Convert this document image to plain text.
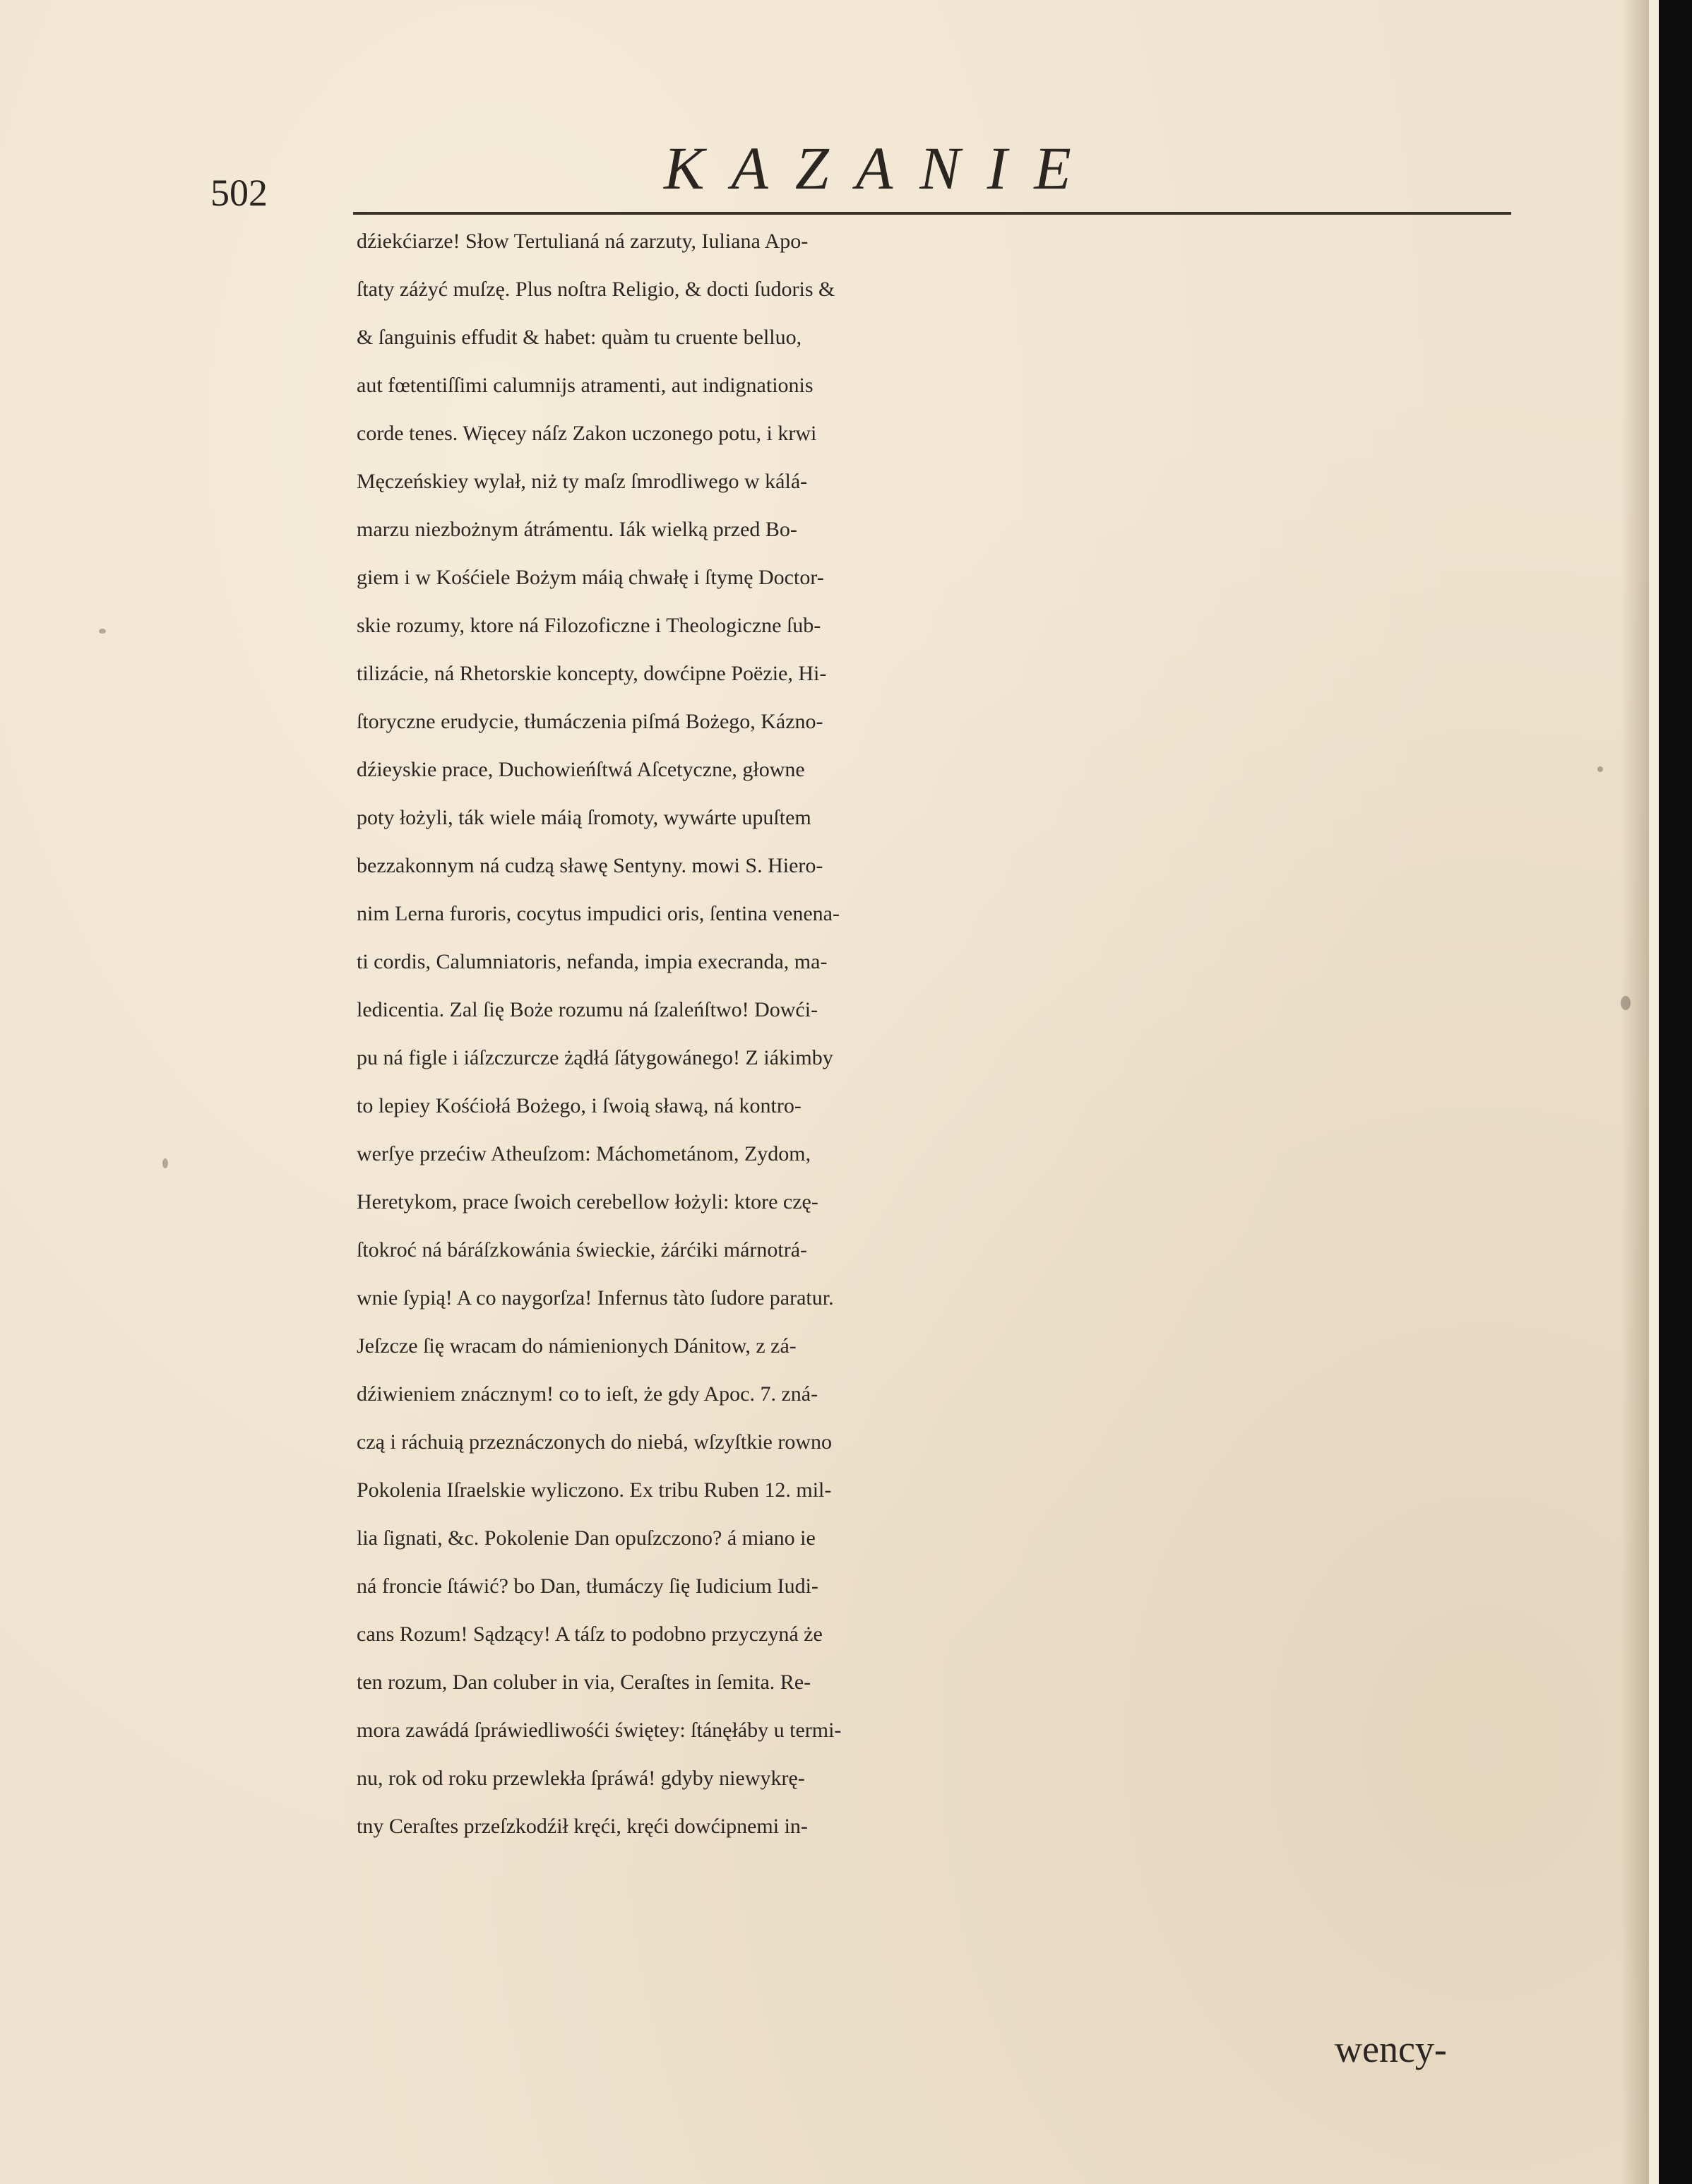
502	KAZANIE
dźiekćiarze! Słow Tertulianá ná zarzuty, Iuliana Apo-
ſtaty záżyć muſzę. Plus noſtra Religio, & docti ſudoris &
& ſanguinis effudit & habet: quàm tu cruente belluo,
aut fœtentiſſimi calumnijs atramenti, aut indignationis
corde tenes. Więcey náſz Zakon uczonego potu, i krwi
Męczeńskiey wylał, niż ty maſz ſmrodliwego w kálá-
marzu niezbożnym átrámentu. Iák wielką przed Bo-
giem i w Kośćiele Bożym máią chwałę i ſtymę Doctor-
skie rozumy, ktore ná Filozoficzne i Theologiczne ſub-
tilizácie, ná Rhetorskie koncepty, dowćipne Poëzie, Hi-
ſtoryczne erudycie, tłumáczenia piſmá Bożego, Kázno-
dźieyskie prace, Duchowieńſtwá Aſcetyczne, głowne
poty łożyli, ták wiele máią ſromoty, wywárte upuſtem
bezzakonnym ná cudzą sławę Sentyny. mowi S. Hiero-
nim Lerna furoris, cocytus impudici oris, ſentina venena-
ti cordis, Calumniatoris, nefanda, impia execranda, ma-
ledicentia. Zal ſię Boże rozumu ná ſzaleńſtwo! Dowći-
pu ná figle i iáſzczurcze żądłá ſátygowánego! Z iákimby
to lepiey Kośćiołá Bożego, i ſwoią sławą, ná kontro-
werſye przećiw Atheuſzom: Máchometánom, Zydom,
Heretykom, prace ſwoich cerebellow łożyli: ktore czę-
ſtokroć ná báráſzkowánia świeckie, żárćiki márnotrá-
wnie ſypią! A co naygorſza! Infernus tàto ſudore paratur.
Jeſzcze ſię wracam do námienionych Dánitow, z zá-
dźiwieniem znácznym! co to ieſt, że gdy Apoc. 7. zná-
czą i ráchuią przeznáczonych do niebá, wſzyſtkie rowno
Pokolenia Iſraelskie wyliczono. Ex tribu Ruben 12. mil-
lia ſignati, &c. Pokolenie Dan opuſzczono? á miano ie
ná froncie ſtáwić? bo Dan, tłumáczy ſię Iudicium Iudi-
cans Rozum! Sądzący! A táſz to podobno przyczyná że
ten rozum, Dan coluber in via, Ceraſtes in ſemita. Re-
mora zawádá ſpráwiedliwośći świętey: ſtánęłáby u termi-
nu, rok od roku przewlekła ſpráwá! gdyby niewykrę-
tny Ceraſtes przeſzkodźił kręći, kręći dowćipnemi in-
wency-
